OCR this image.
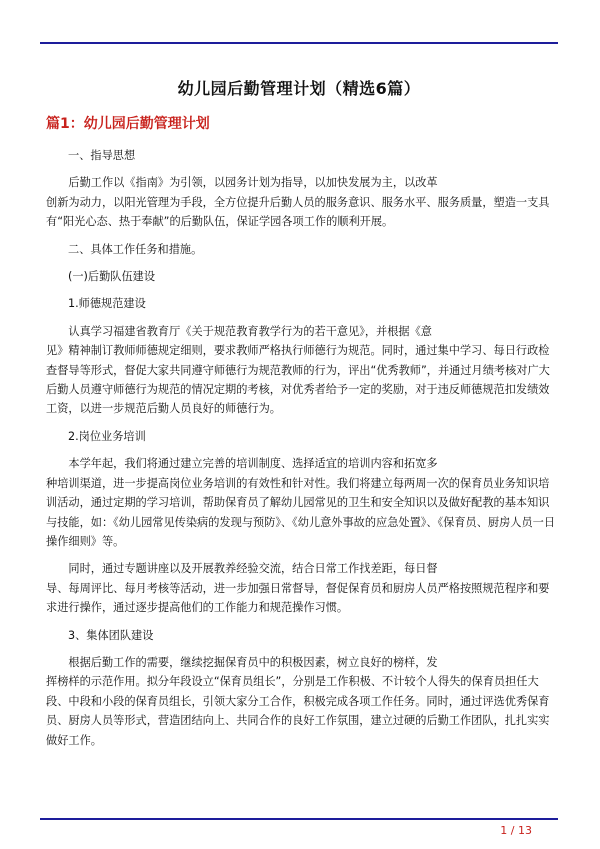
幼儿园后勤管理计划（精选6篇）
篇1：幼儿园后勤管理计划
一、指导思想
　　后勤工作以《指南》为引领，以园务计划为指导，以加快发展为主，以改革
创新为动力，以阳光管理为手段，全方位提升后勤人员的服务意识、服务水平、服务质量，塑造一支具有“阳光心态、热于奉献”的后勤队伍，保证学园各项工作的顺利开展。
二、具体工作任务和措施。
(一)后勤队伍建设
1.师德规范建设
　　认真学习福建省教育厅《关于规范教育教学行为的若干意见》，并根据《意
见》精神制订教师师德规定细则，要求教师严格执行师德行为规范。同时，通过集中学习、每日行政检查督导等形式，督促大家共同遵守师德行为规范教师的行为，评出“优秀教师”，并通过月绩考核对广大后勤人员遵守师德行为规范的情况定期的考核，对优秀者给予一定的奖励，对于违反师德规范扣发绩效工资，以进一步规范后勤人员良好的师德行为。
2.岗位业务培训
　　本学年起，我们将通过建立完善的培训制度、选择适宜的培训内容和拓宽多
种培训渠道，进一步提高岗位业务培训的有效性和针对性。我们将建立每两周一次的保育员业务知识培训活动，通过定期的学习培训，帮助保育员了解幼儿园常见的卫生和安全知识以及做好配教的基本知识与技能，如：《幼儿园常见传染病的发现与预防》、《幼儿意外事故的应急处置》、《保育员、厨房人员一日操作细则》等。
　　同时，通过专题讲座以及开展教养经验交流，结合日常工作找差距，每日督
导、每周评比、每月考核等活动，进一步加强日常督导，督促保育员和厨房人员严格按照规范程序和要求进行操作，通过逐步提高他们的工作能力和规范操作习惯。
3、集体团队建设
　　根据后勤工作的需要，继续挖掘保育员中的积极因素，树立良好的榜样，发
挥榜样的示范作用。拟分年段设立“保育员组长”，分别是工作积极、不计较个人得失的保育员担任大段、中段和小段的保育员组长，引领大家分工合作，积极完成各项工作任务。同时，通过评选优秀保育员、厨房人员等形式，营造团结向上、共同合作的良好工作氛围，建立过硬的后勤工作团队，扎扎实实做好工作。
1 / 13
